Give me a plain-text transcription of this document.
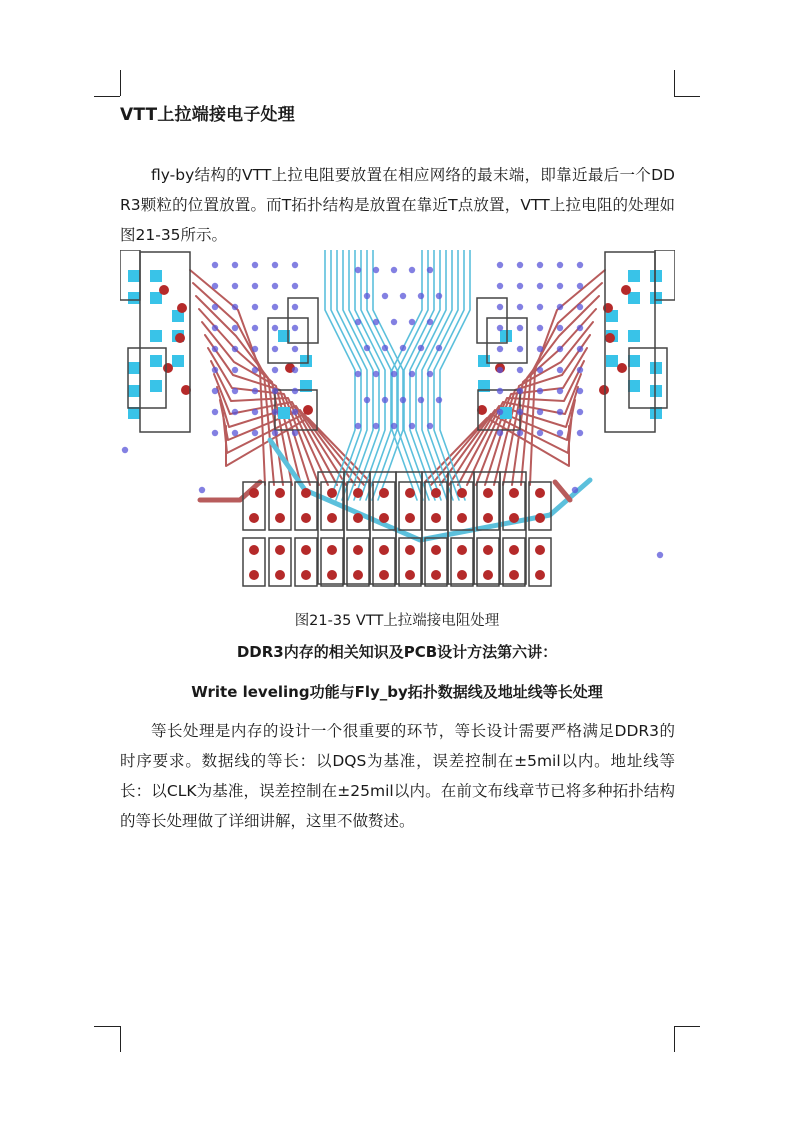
VTT上拉端接电子处理

fly-by结构的VTT上拉电阻要放置在相应网络的最末端，即靠近最后一个DDR3颗粒的位置放置。而T拓扑结构是放置在靠近T点放置，VTT上拉电阻的处理如图21-35所示。

图21-35 VTT上拉端接电阻处理
DDR3内存的相关知识及PCB设计方法第六讲：
Write leveling功能与Fly_by拓扑数据线及地址线等长处理

等长处理是内存的设计一个很重要的环节，等长设计需要严格满足DDR3的时序要求。数据线的等长：以DQS为基准，误差控制在±5mil以内。地址线等长：以CLK为基准，误差控制在±25mil以内。在前文布线章节已将多种拓扑结构的等长处理做了详细讲解，这里不做赘述。
